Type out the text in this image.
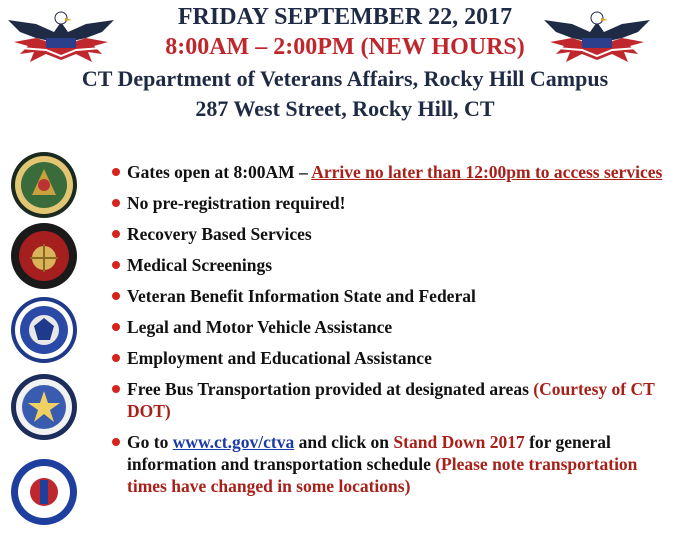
FRIDAY SEPTEMBER 22, 2017
8:00AM – 2:00PM (NEW HOURS)
CT Department of Veterans Affairs, Rocky Hill Campus
287 West Street, Rocky Hill, CT
Gates open at 8:00AM – Arrive no later than 12:00pm to access services
No pre-registration required!
Recovery Based Services
Medical Screenings
Veteran Benefit Information State and Federal
Legal and Motor Vehicle Assistance
Employment and Educational Assistance
Free Bus Transportation provided at designated areas (Courtesy of CT DOT)
Go to www.ct.gov/ctva and click on Stand Down 2017 for general information and transportation schedule (Please note transportation times have changed in some locations)
